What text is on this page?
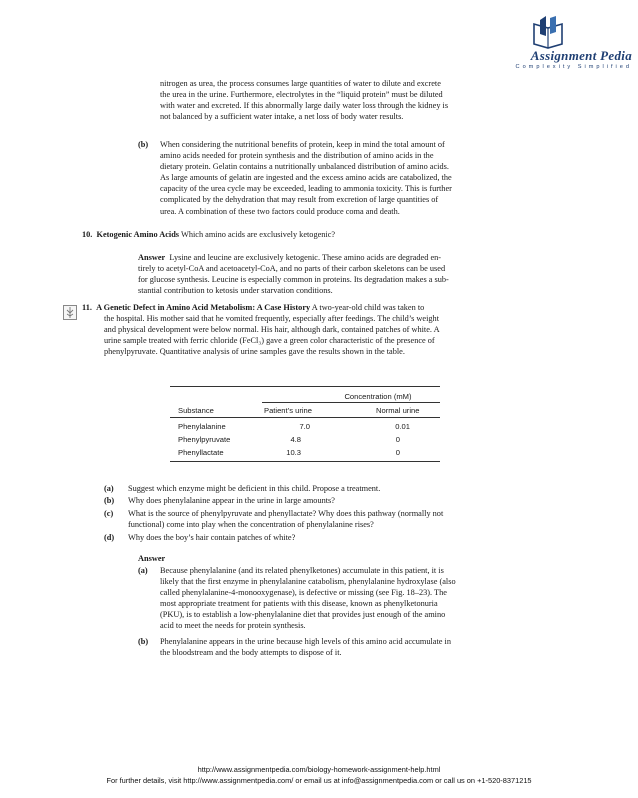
Assignment Pedia
Complexity Simplified

nitrogen as urea, the process consumes large quantities of water to dilute and excrete

the urea in the urine. Furthermore, electrolytes in the “liquid protein” must be diluted

with water and excreted. If this abnormally large daily water loss through the kidney is

not balanced by a sufficient water intake, a net loss of body water results.

(b) When considering the nutritional benefits of protein, keep in mind the total amount of

amino acids needed for protein synthesis and the distribution of amino acids in the

dietary protein. Gelatin contains a nutritionally unbalanced distribution of amino acids.

As large amounts of gelatin are ingested and the excess amino acids are catabolized, the

capacity of the urea cycle may be exceeded, leading to ammonia toxicity. This is further

complicated by the dehydration that may result from excretion of large quantities of

urea. A combination of these two factors could produce coma and death.

10. Ketogenic Amino Acids Which amino acids are exclusively ketogenic?

Answer Lysine and leucine are exclusively ketogenic. These amino acids are degraded en-

tirely to acetyl-CoA and acetoacetyl-CoA, and no parts of their carbon skeletons can be used

for glucose synthesis. Leucine is especially common in proteins. Its degradation makes a sub-

stantial contribution to ketosis under starvation conditions.

11. A Genetic Defect in Amino Acid Metabolism: A Case History A two-year-old child was taken to

the hospital. His mother said that he vomited frequently, especially after feedings. The child’s weight

and physical development were below normal. His hair, although dark, contained patches of white. A

urine sample treated with ferric chloride (FeCl₃) gave a green color characteristic of the presence of

phenylpyruvate. Quantitative analysis of urine samples gave the results shown in the table.

Concentration (mM)
Substance	Patient’s urine	Normal urine
Phenylalanine	7.0	0.01
Phenylpyruvate	4.8	0
Phenyllactate	10.3	0
(a) Suggest which enzyme might be deficient in this child. Propose a treatment.
(b) Why does phenylalanine appear in the urine in large amounts?
(c) What is the source of phenylpyruvate and phenyllactate? Why does this pathway (normally not
functional) come into play when the concentration of phenylalanine rises?
(d) Why does the boy’s hair contain patches of white?
Answer
(a) Because phenylalanine (and its related phenylketones) accumulate in this patient, it is

likely that the first enzyme in phenylalanine catabolism, phenylalanine hydroxylase (also

called phenylalanine-4-monooxygenase), is defective or missing (see Fig. 18–23). The

most appropriate treatment for patients with this disease, known as phenylketonuria

(PKU), is to establish a low-phenylalanine diet that provides just enough of the amino

acid to meet the needs for protein synthesis.

(b) Phenylalanine appears in the urine because high levels of this amino acid accumulate in

the bloodstream and the body attempts to dispose of it.

http://www.assignmentpedia.com/biology-homework-assignment-help.html
For further details, visit http://www.assignmentpedia.com/ or email us at info@assignmentpedia.com or call us on +1-520-8371215
